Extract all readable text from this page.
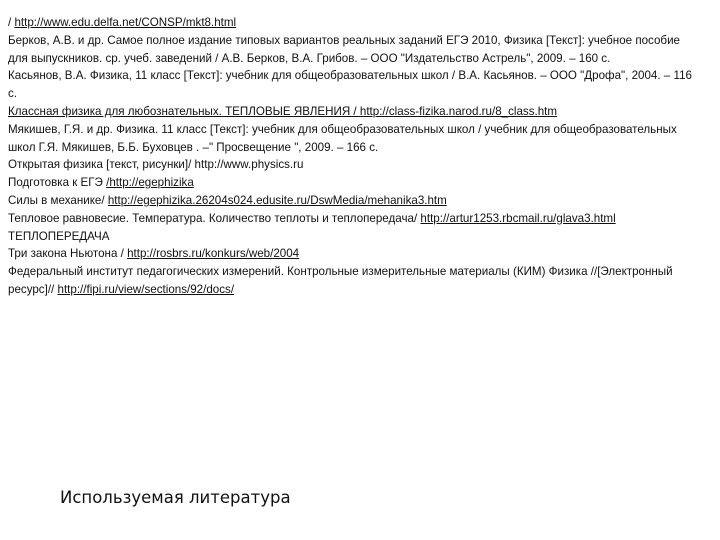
/ http://www.edu.delfa.net/CONSP/mkt8.html

Берков, А.В. и др. Самое полное издание типовых вариантов реальных заданий ЕГЭ 2010, Физика [Текст]: учебное пособие для выпускников. ср. учеб. заведений / А.В. Берков, В.А. Грибов. – ООО "Издательство Астрель", 2009. – 160 с.

Касьянов, В.А. Физика, 11 класс [Текст]: учебник для общеобразовательных школ / В.А. Касьянов. – ООО "Дрофа", 2004. – 116 с.

Классная физика для любознательных. ТЕПЛОВЫЕ ЯВЛЕНИЯ / http://class-fizika.narod.ru/8_class.htm

Мякишев, Г.Я. и др. Физика. 11 класс [Текст]: учебник для общеобразовательных школ / учебник для общеобразовательных школ Г.Я. Мякишев, Б.Б. Буховцев . –" Просвещение ", 2009. – 166 с.

Открытая физика [текст, рисунки]/ http://www.physics.ru

Подготовка к ЕГЭ /http://egephizika

Силы в механике/ http://egephizika.26204s024.edusite.ru/DswMedia/mehanika3.htm

Тепловое равновесие. Температура. Количество теплоты и теплопередача/ http://artur1253.rbcmail.ru/glava3.html

ТЕПЛОПЕРЕДАЧА

Три закона Ньютона / http://rosbrs.ru/konkurs/web/2004

Федеральный институт педагогических измерений. Контрольные измерительные материалы (КИМ) Физика //[Электронный ресурс]// http://fipi.ru/view/sections/92/docs/

Используемая литература
